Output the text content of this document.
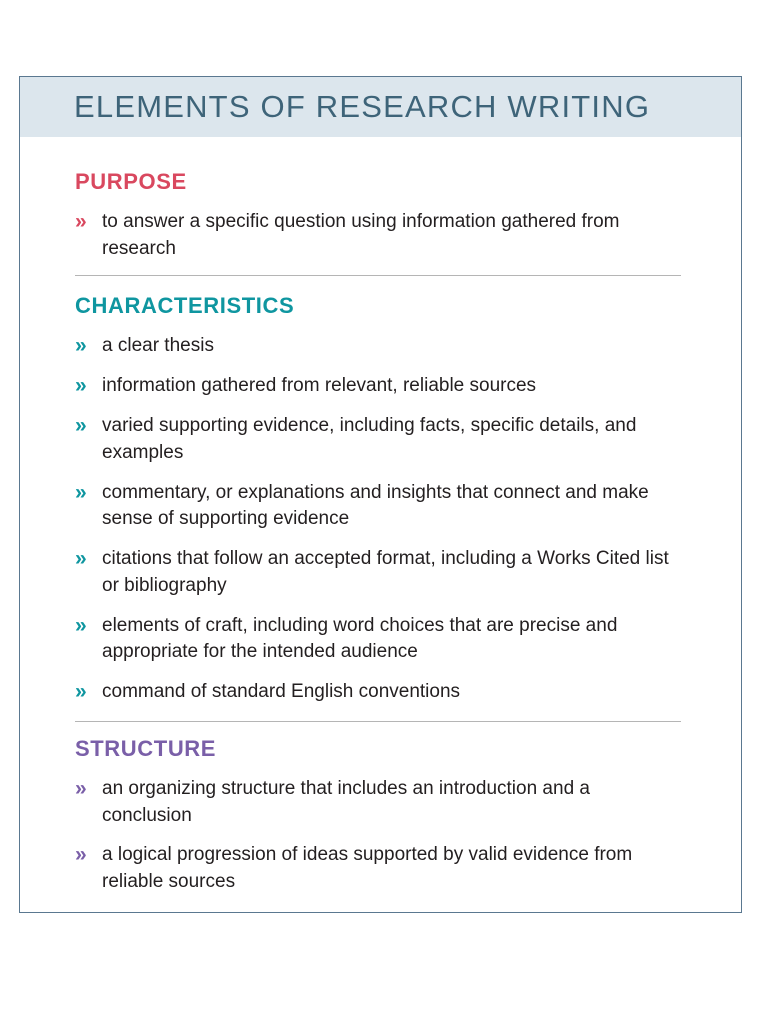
ELEMENTS OF RESEARCH WRITING
PURPOSE
» to answer a specific question using information gathered from research
CHARACTERISTICS
» a clear thesis
» information gathered from relevant, reliable sources
» varied supporting evidence, including facts, specific details, and examples
» commentary, or explanations and insights that connect and make sense of supporting evidence
» citations that follow an accepted format, including a Works Cited list or bibliography
» elements of craft, including word choices that are precise and appropriate for the intended audience
» command of standard English conventions
STRUCTURE
» an organizing structure that includes an introduction and a conclusion
» a logical progression of ideas supported by valid evidence from reliable sources
